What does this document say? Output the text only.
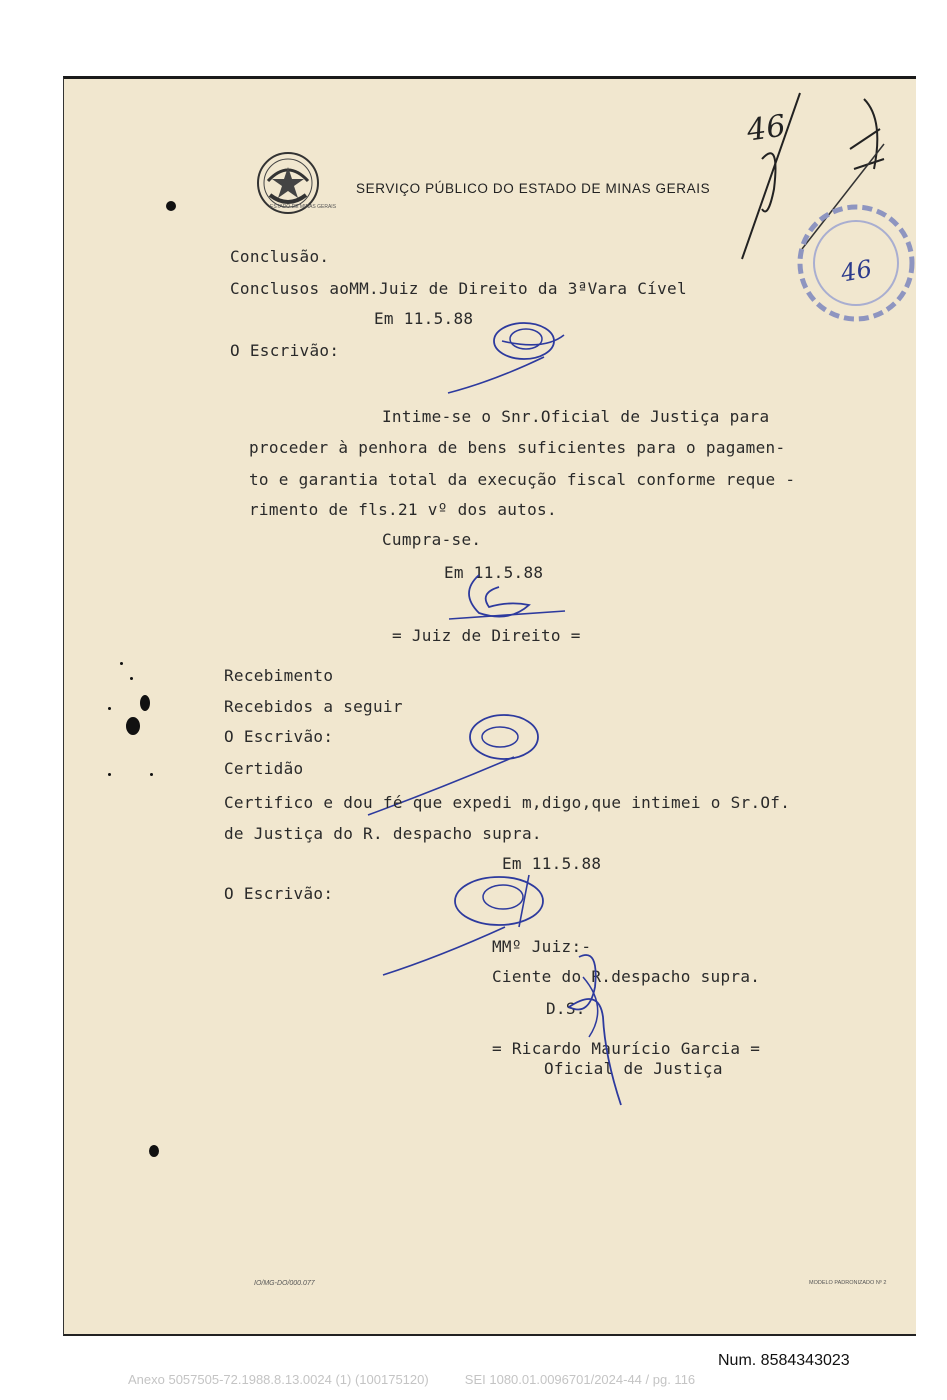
ESTADO DE MINAS GERAIS
SERVIÇO PÚBLICO DO ESTADO DE MINAS GERAIS
46
46
Conclusão.
Conclusos aoMM.Juiz de Direito da 3ªVara Cível
Em 11.5.88
O Escrivão:
Intime-se o Snr.Oficial de Justiça para
proceder à penhora de bens suficientes para o pagamen-
to e garantia total da execução fiscal conforme reque -
rimento de fls.21 vº dos autos.
Cumpra-se.
Em 11.5.88
= Juiz de Direito =
Recebimento
Recebidos a seguir
O Escrivão:
Certidão
Certifico e dou fé que expedi m,digo,que intimei o Sr.Of.
de Justiça do R. despacho supra.
Em 11.5.88
O Escrivão:
MMº Juiz:-
Ciente do R.despacho supra.
D.S.
= Ricardo Maurício Garcia =
Oficial de Justiça
IO/MG-DO/000.077	MODELO PADRONIZADO Nº 2
Num. 8584343023
Anexo 5057505-72.1988.8.13.0024 (1) (100175120)          SEI 1080.01.0096701/2024-44 / pg. 116
